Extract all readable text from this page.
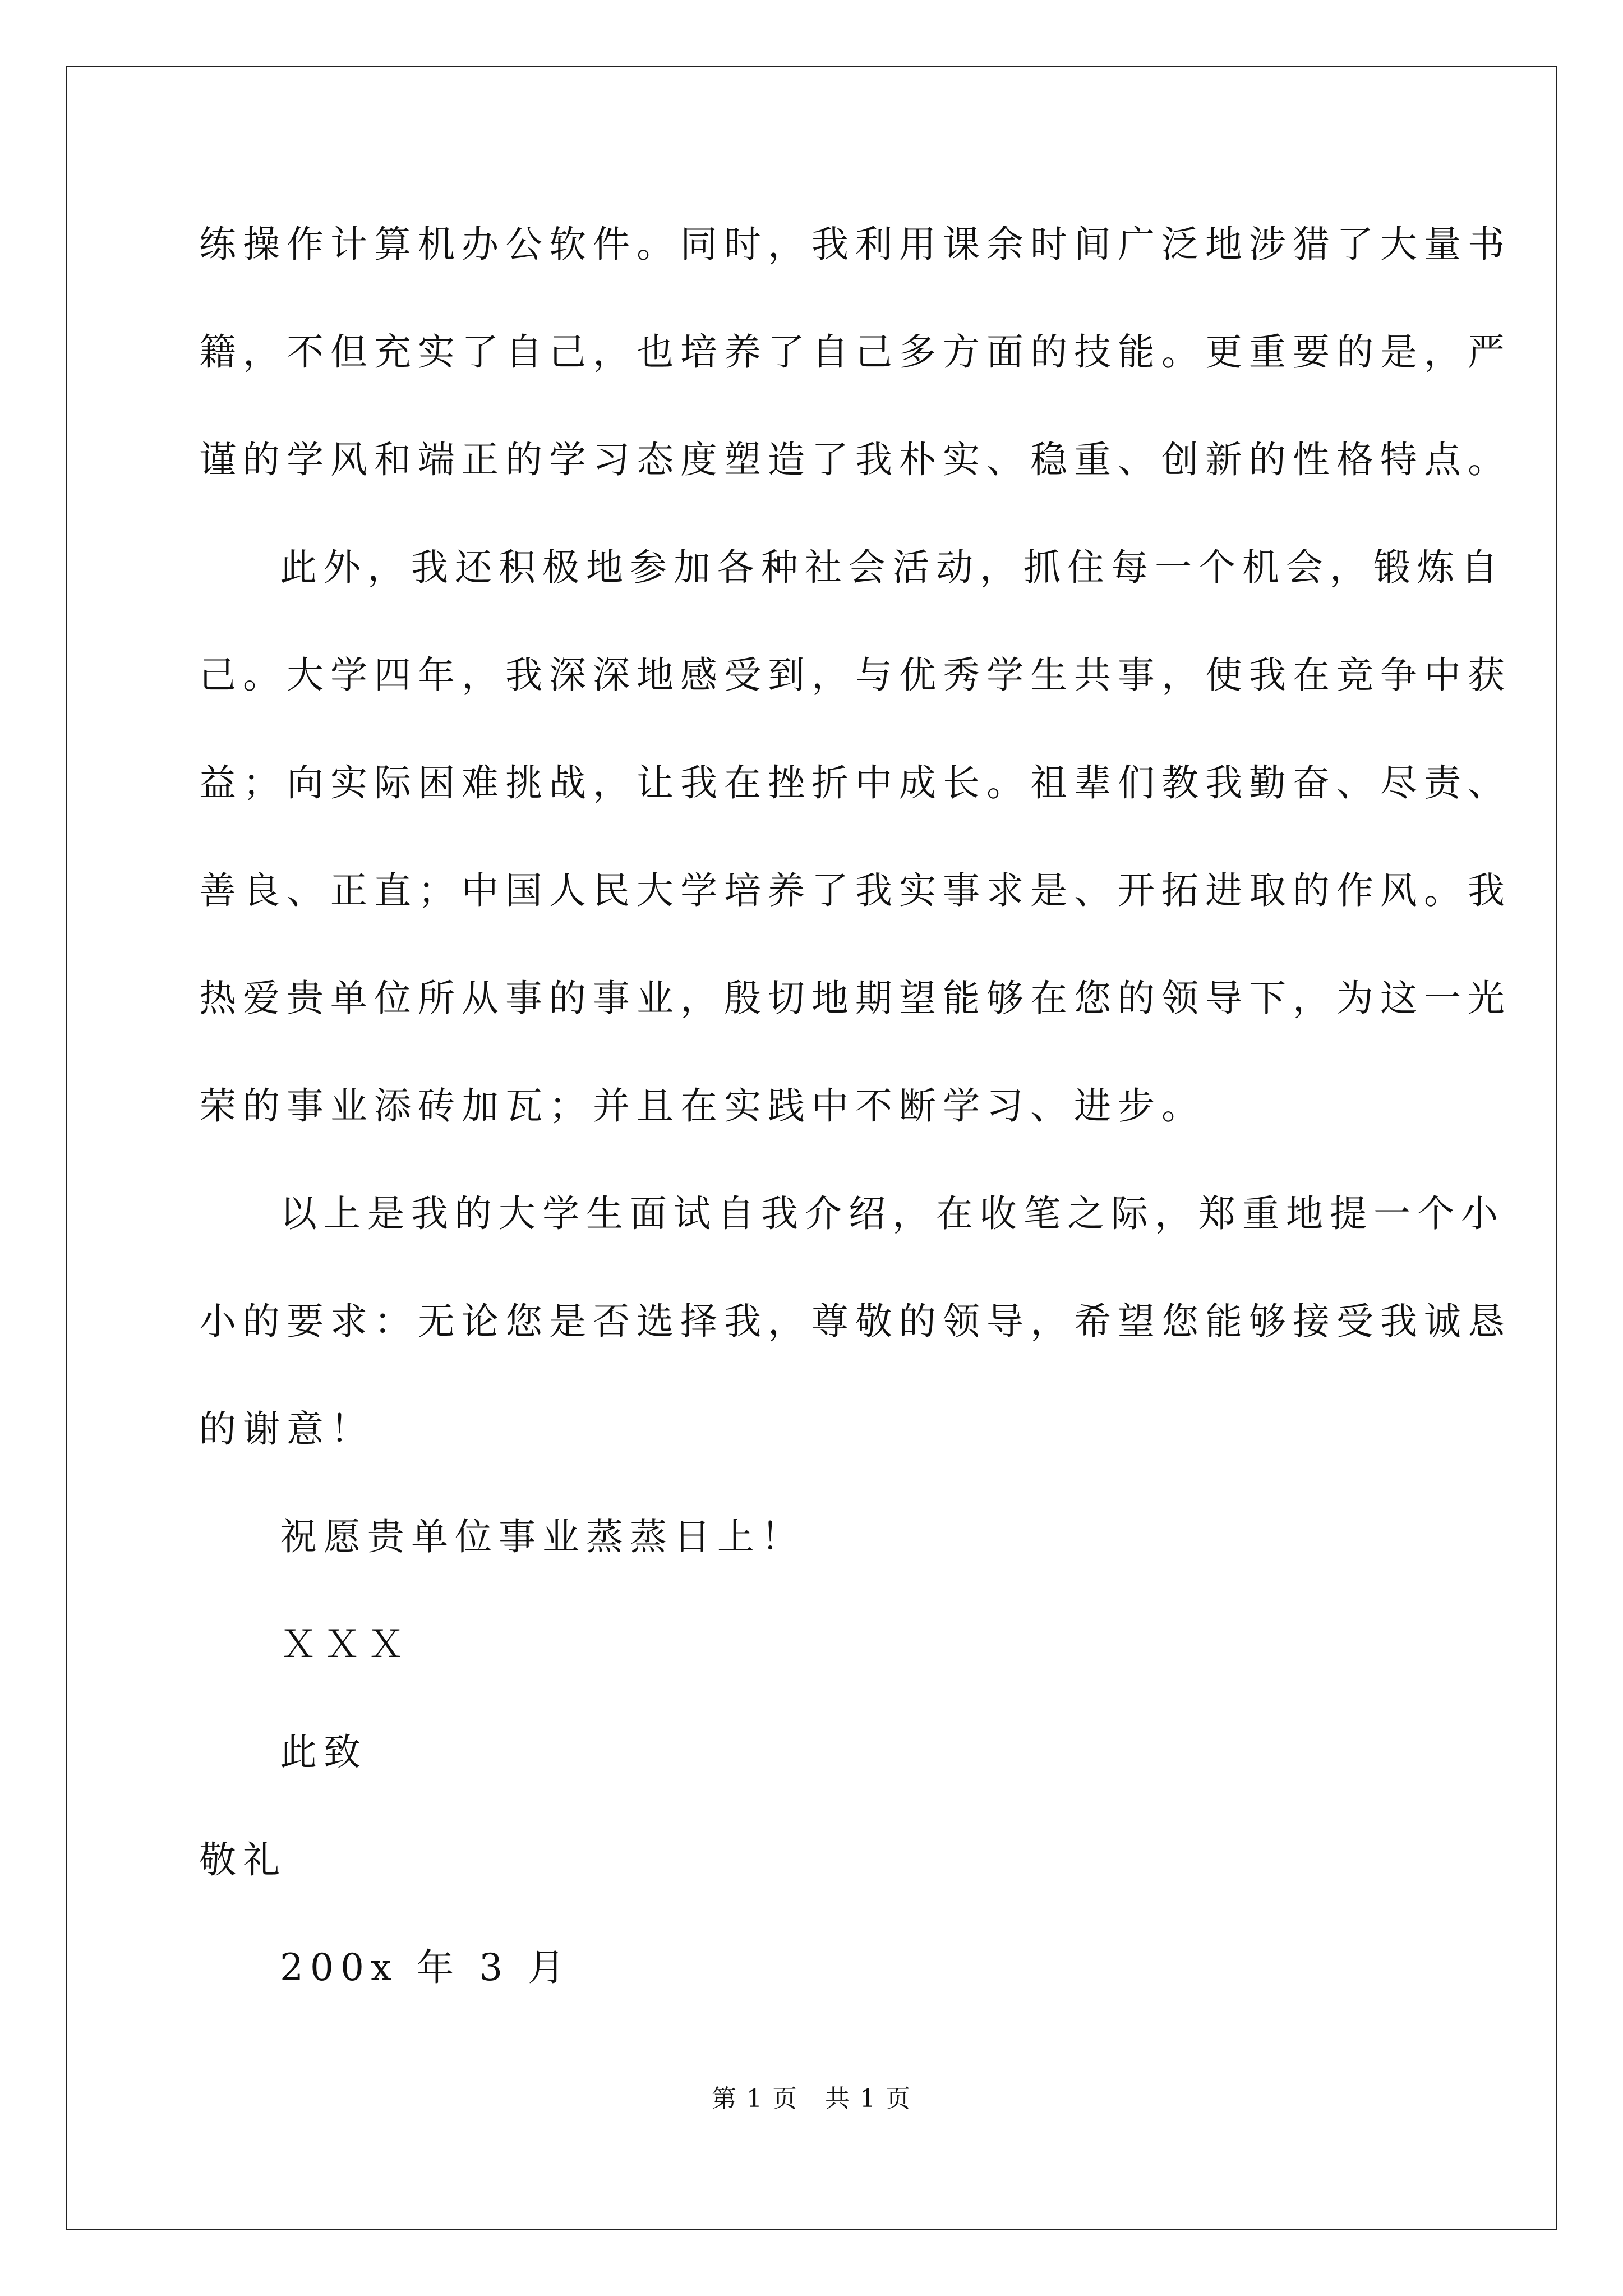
练操作计算机办公软件。同时，我利用课余时间广泛地涉猎了大量书
籍，不但充实了自己，也培养了自己多方面的技能。更重要的是，严
谨的学风和端正的学习态度塑造了我朴实、稳重、创新的性格特点。
此外，我还积极地参加各种社会活动，抓住每一个机会，锻炼自
己。大学四年，我深深地感受到，与优秀学生共事，使我在竞争中获
益；向实际困难挑战，让我在挫折中成长。祖辈们教我勤奋、尽责、
善良、正直；中国人民大学培养了我实事求是、开拓进取的作风。我
热爱贵单位所从事的事业，殷切地期望能够在您的领导下，为这一光
荣的事业添砖加瓦；并且在实践中不断学习、进步。
以上是我的大学生面试自我介绍，在收笔之际，郑重地提一个小
小的要求：无论您是否选择我，尊敬的领导，希望您能够接受我诚恳
的谢意！
祝愿贵单位事业蒸蒸日上！
ＸＸＸ
此致
敬礼
200x 年 3 月
第 1 页   共 1 页
